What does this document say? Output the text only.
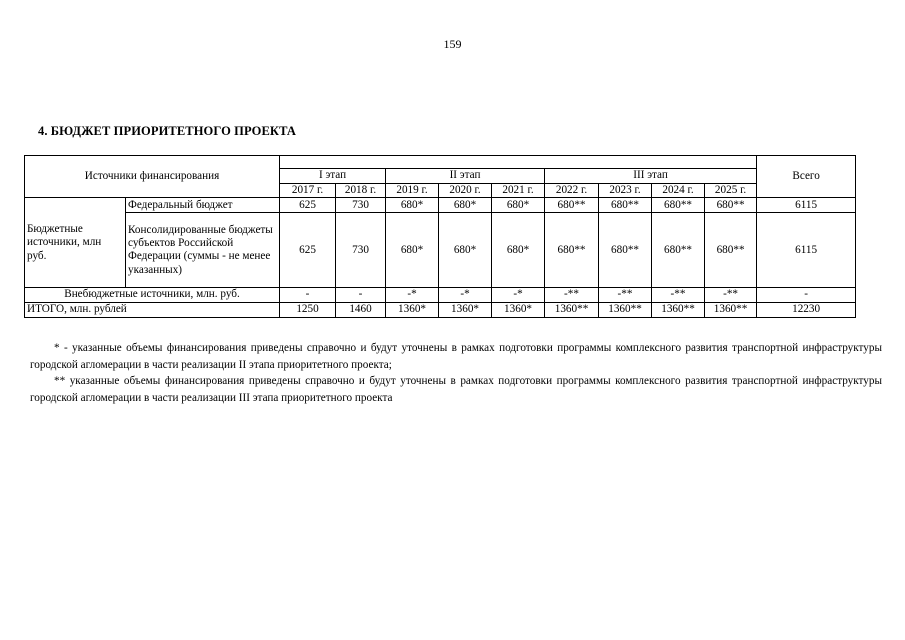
159
4. БЮДЖЕТ ПРИОРИТЕТНОГО ПРОЕКТА
Источники финансирования											Всего
		I этап		II этап			III этап				
		2017 г.	2018 г.	2019 г.	2020 г.	2021 г.	2022 г.	2023 г.	2024 г.	2025 г.	
Бюджетные источники, млн руб.	Федеральный бюджет	625	730	680*	680*	680*	680**	680**	680**	680**	6115
	Консолидированные бюджеты субъектов Российской Федерации (суммы - не менее указанных)	625	730	680*	680*	680*	680**	680**	680**	680**	6115
Внебюджетные источники, млн. руб.		-	-	-*	-*	-*	-**	-**	-**	-**	-
ИТОГО, млн. рублей		1250	1460	1360*	1360*	1360*	1360**	1360**	1360**	1360**	12230

* - указанные объемы финансирования приведены справочно и будут уточнены в рамках подготовки программы комплексного развития транспортной инфраструктуры городской агломерации в части реализации II этапа приоритетного проекта;

** указанные объемы финансирования приведены справочно и будут уточнены в рамках подготовки программы комплексного развития транспортной инфраструктуры городской агломерации в части реализации III этапа приоритетного проекта
